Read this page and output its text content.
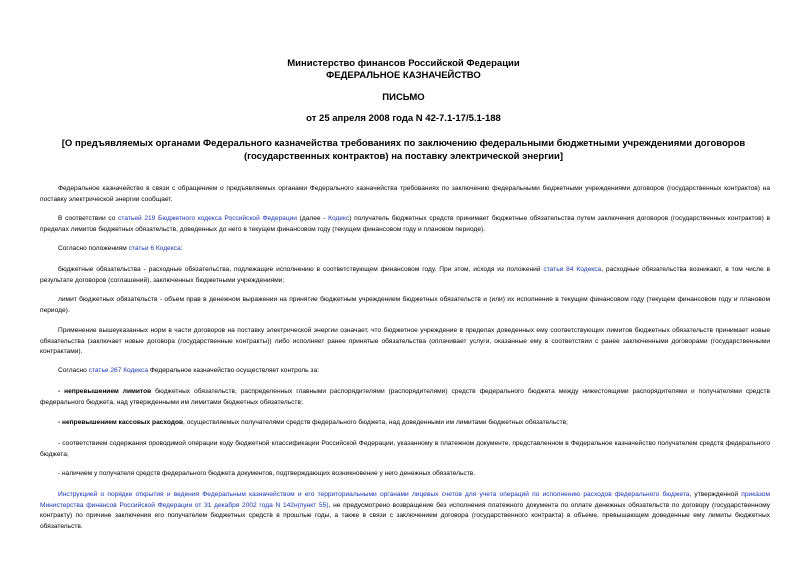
Министерство финансов Российской Федерации
ФЕДЕРАЛЬНОЕ КАЗНАЧЕЙСТВО
ПИСЬМО
от 25 апреля 2008 года N 42-7.1-17/5.1-188
[О предъявляемых органами Федерального казначейства требованиях по заключению федеральными бюджетными учреждениями договоров (государственных контрактов) на поставку электрической энергии]
Федеральное казначейство в связи с обращением о предъявляемых органами Федерального казначейства требованиях по заключению федеральными бюджетными учреждениями договоров (государственных контрактов) на поставку электрической энергии сообщает.
В соответствии со статьей 219 Бюджетного кодекса Российской Федерации (далее - Кодекс) получатель бюджетных средств принимает бюджетные обязательства путем заключения договоров (государственных контрактов) в пределах лимитов бюджетных обязательств, доведенных до него в текущем финансовом году (текущем финансовом году и плановом периоде).
Согласно положениям статьи 6 Кодекса:
бюджетные обязательства - расходные обязательства, подлежащие исполнению в соответствующем финансовом году. При этом, исходя из положений статьи 84 Кодекса, расходные обязательства возникают, в том числе в результате договоров (соглашений), заключенных бюджетными учреждениями;
лимит бюджетных обязательств - объем прав в денежном выражении на принятие бюджетным учреждением бюджетных обязательств и (или) их исполнение в текущем финансовом году (текущем финансовом году и плановом периоде).
Применение вышеуказанных норм в части договоров на поставку электрической энергии означает, что бюджетное учреждение в пределах доведенных ему соответствующих лимитов бюджетных обязательств принимает новые обязательства (заключает новые договора (государственные контракты)) либо исполняет ранее принятые обязательства (оплачивает услуги, оказанные ему в соответствии с ранее заключенными договорами (государственными контрактами).
Согласно статье 267 Кодекса Федеральное казначейство осуществляет контроль за:
- непревышением лимитов бюджетных обязательств, распределенных главными распорядителями (распорядителями) средств федерального бюджета между нижестоящими распорядителями и получателями средств федерального бюджета, над утвержденными им лимитами бюджетных обязательств;
- непревышением кассовых расходов, осуществляемых получателями средств федерального бюджета, над доведенными им лимитами бюджетных обязательств;
- соответствием содержания проводимой операции коду бюджетной классификации Российской Федерации, указанному в платежном документе, представленном в Федеральное казначейство получателем средств федерального бюджета;
- наличием у получателя средств федерального бюджета документов, подтверждающих возникновение у него денежных обязательств.
Инструкцией о порядке открытия и ведения Федеральным казначейством и его территориальными органами лицевых счетов для учета операций по исполнению расходов федерального бюджета, утвержденной приказом Министерства финансов Российской Федерации от 31 декабря 2002 года N 142н(пункт 55), не предусмотрено возвращение без исполнения платежного документа по оплате денежных обязательств по договору (государственному контракту) по причине заключения его получателем бюджетных средств в прошлые годы, а также в связи с заключением договора (государственного контракта) в объеме, превышающем доведенные ему лимиты бюджетных обязательств.
